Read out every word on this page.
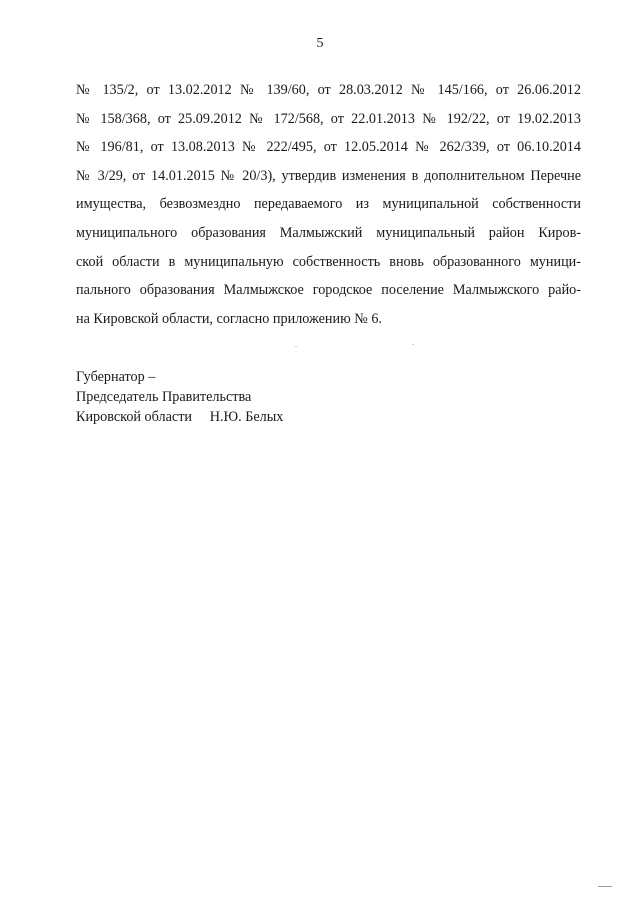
5
№ 135/2, от 13.02.2012 № 139/60, от 28.03.2012 № 145/166, от 26.06.2012
№ 158/368, от 25.09.2012 № 172/568, от 22.01.2013 № 192/22, от 19.02.2013
№ 196/81, от 13.08.2013 № 222/495, от 12.05.2014 № 262/339, от 06.10.2014
№ 3/29, от 14.01.2015 № 20/3), утвердив изменения в дополнительном Перечне
имущества, безвозмездно передаваемого из муниципальной собственности
муниципального образования Малмыжский муниципальный район Киров-
ской области в муниципальную собственность вновь образованного муници-
пального образования Малмыжское городское поселение Малмыжского райо-
на Кировской области, согласно приложению № 6.
Губернатор –
Председатель Правительства
Кировской области     Н.Ю. Белых
